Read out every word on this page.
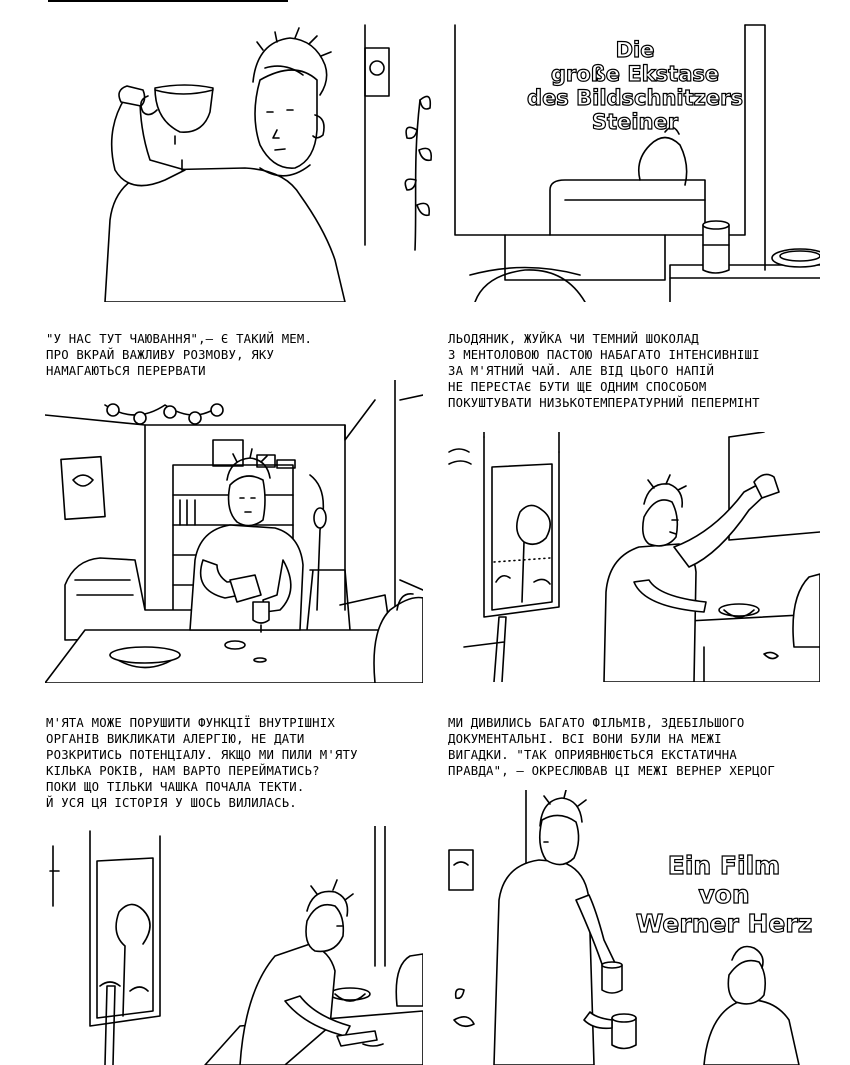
Die
große Ekstase
des Bildschnitzers
Steiner
"У НАС ТУТ ЧАЮВАННЯ",— Є ТАКИЙ МЕМ.
ПРО ВКРАЙ ВАЖЛИВУ РОЗМОВУ, ЯКУ
НАМАГАЮТЬСЯ ПЕРЕРВАТИ
ЛЬОДЯНИК, ЖУЙКА ЧИ ТЕМНИЙ ШОКОЛАД
З МЕНТОЛОВОЮ ПАСТОЮ НАБАГАТО ІНТЕНСИВНІШІ
ЗА М'ЯТНИЙ ЧАЙ. АЛЕ ВІД ЦЬОГО НАПІЙ
НЕ ПЕРЕСТАЄ БУТИ ЩЕ ОДНИМ СПОСОБОМ
ПОКУШТУВАТИ НИЗЬКОТЕМПЕРАТУРНИЙ ПЕПЕРМІНТ
М'ЯТА МОЖЕ ПОРУШИТИ ФУНКЦІЇ ВНУТРІШНІХ
ОРГАНІВ ВИКЛИКАТИ АЛЕРГІЮ, НЕ ДАТИ
РОЗКРИТИСЬ ПОТЕНЦІАЛУ. ЯКЩО МИ ПИЛИ М'ЯТУ
КІЛЬКА РОКІВ, НАМ ВАРТО ПЕРЕЙМАТИСЬ?
ПОКИ ЩО ТІЛЬКИ ЧАШКА ПОЧАЛА ТЕКТИ.
Й УСЯ ЦЯ ІСТОРІЯ У ШОСЬ ВИЛИЛАСЬ.
МИ ДИВИЛИСЬ БАГАТО ФІЛЬМІВ, ЗДЕБІЛЬШОГО
ДОКУМЕНТАЛЬНІ. ВСІ ВОНИ БУЛИ НА МЕЖІ
ВИГАДКИ. "ТАК ОПРИЯВНЮЄТЬСЯ ЕКСТАТИЧНА
ПРАВДА", — ОКРЕСЛЮВАВ ЦІ МЕЖІ ВЕРНЕР ХЕРЦОГ
Ein Film
von
Werner Herz
